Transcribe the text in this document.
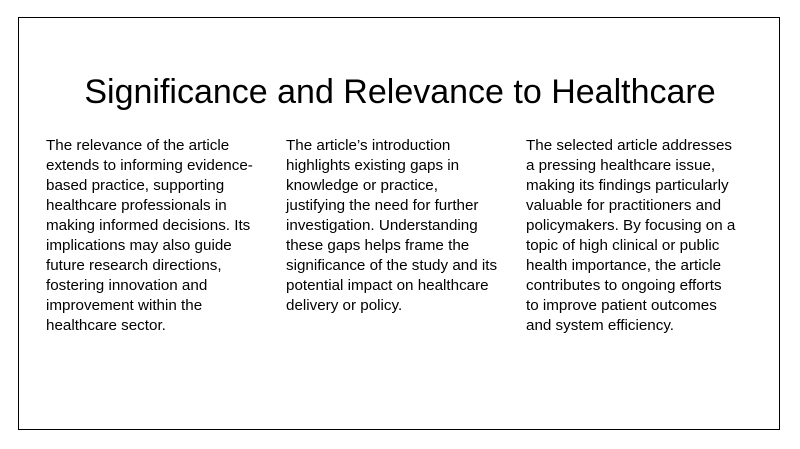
Significance and Relevance to Healthcare
The relevance of the article extends to informing evidence-based practice, supporting healthcare professionals in making informed decisions. Its implications may also guide future research directions, fostering innovation and improvement within the healthcare sector.
The article’s introduction highlights existing gaps in knowledge or practice, justifying the need for further investigation. Understanding these gaps helps frame the significance of the study and its potential impact on healthcare delivery or policy.
The selected article addresses a pressing healthcare issue, making its findings particularly valuable for practitioners and policymakers. By focusing on a topic of high clinical or public health importance, the article contributes to ongoing efforts to improve patient outcomes and system efficiency.
